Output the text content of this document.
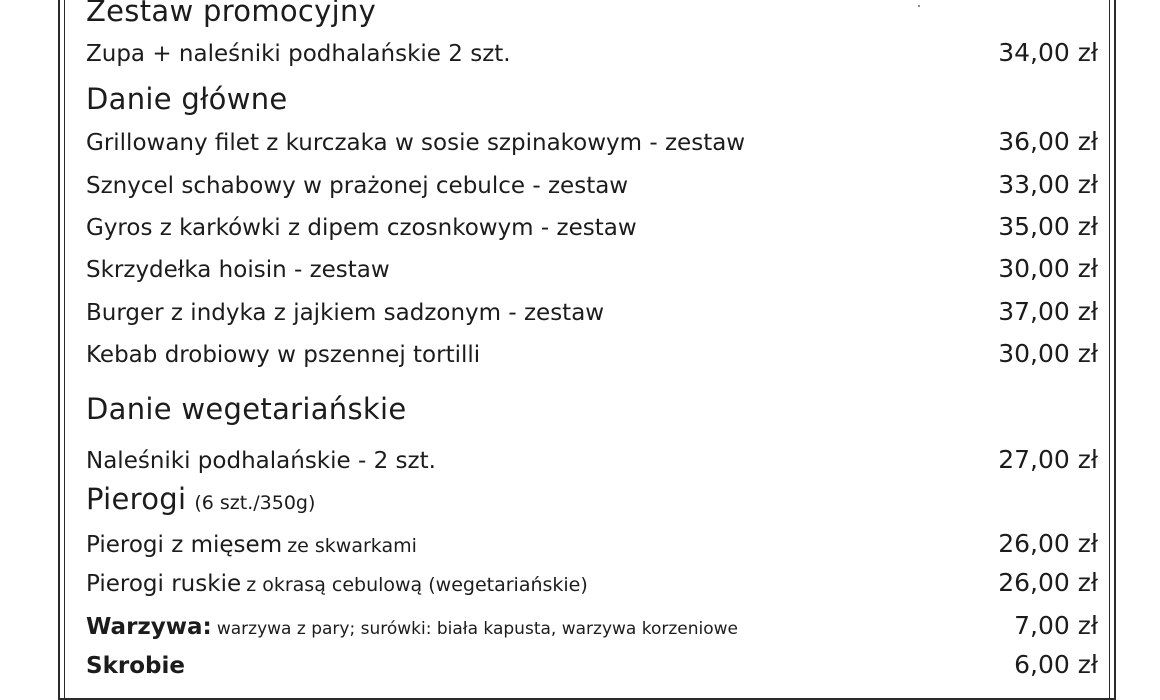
Zestaw promocyjny
Zupa + naleśniki podhalańskie 2 szt.	34,00 zł
Danie główne
Grillowany filet z kurczaka w sosie szpinakowym - zestaw	36,00 zł
Sznycel schabowy w prażonej cebulce - zestaw	33,00 zł
Gyros z karkówki z dipem czosnkowym - zestaw	35,00 zł
Skrzydełka hoisin - zestaw	30,00 zł
Burger z indyka z jajkiem sadzonym - zestaw	37,00 zł
Kebab drobiowy w pszennej tortilli	30,00 zł
Danie wegetariańskie
Naleśniki podhalańskie - 2 szt.	27,00 zł
Pierogi (6 szt./350g)
Pierogi z mięsem ze skwarkami	26,00 zł
Pierogi ruskie z okrasą cebulową (wegetariańskie)	26,00 zł
Warzywa: warzywa z pary; surówki: biała kapusta, warzywa korzeniowe	7,00 zł
Skrobie	6,00 zł
